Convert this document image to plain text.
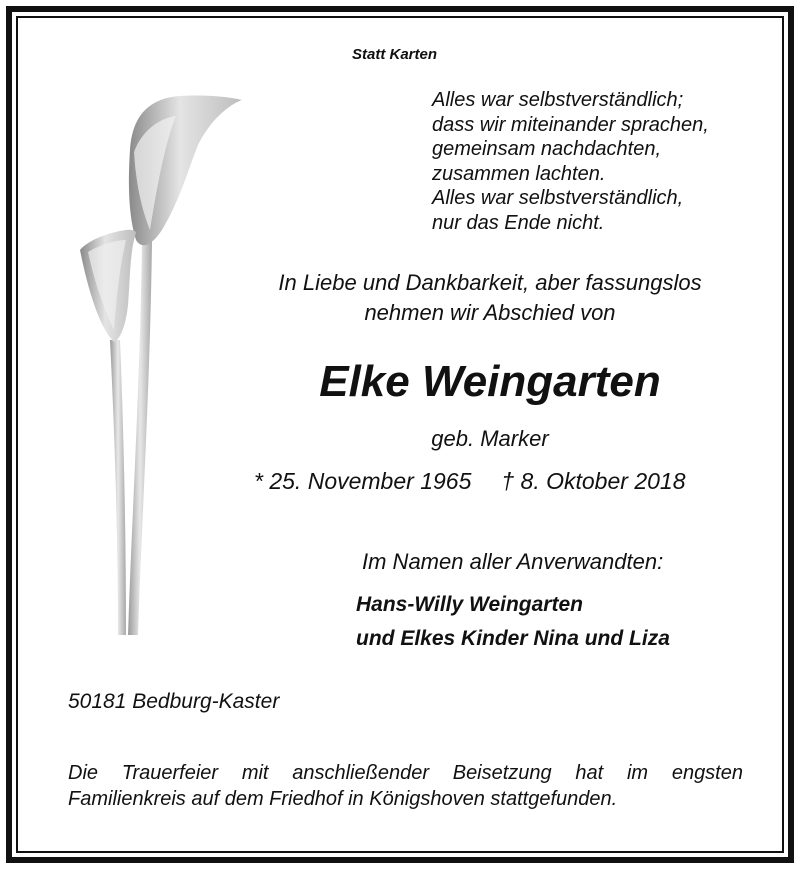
Statt Karten
Alles war selbstverständlich;
dass wir miteinander sprachen,
gemeinsam nachdachten,
zusammen lachten.
Alles war selbstverständlich,
nur das Ende nicht.
In Liebe und Dankbarkeit, aber fassungslos
nehmen wir Abschied von
Elke Weingarten
geb. Marker
* 25. November 1965 † 8. Oktober 2018
Im Namen aller Anverwandten:
Hans-Willy Weingarten
und Elkes Kinder Nina und Liza
50181 Bedburg-Kaster
Die Trauerfeier mit anschließender Beisetzung hat im engsten
Familienkreis auf dem Friedhof in Königshoven stattgefunden.
